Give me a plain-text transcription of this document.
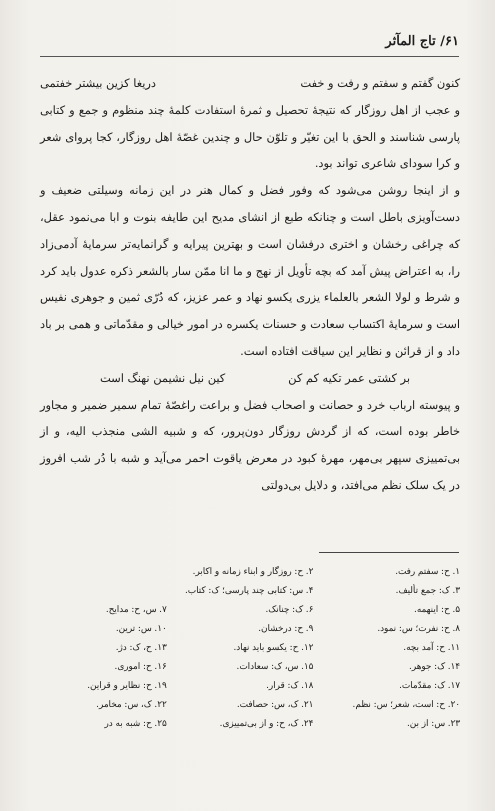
۶۱/ تاج المآثر

کنون گفتم و سفتم و رفت و خفت
دریغا کزین بیشتر خفتمی

و عجب از اهل روزگار که نتیجهٔ تحصیل و ثمرهٔ استفادت کلمهٔ چند منظوم و جمع و کتابی پارسی شناسند و الحق با این تغیّر و تلوّن حال و چندین غصّهٔ اهل روزگار، کجا پروای شعر و کرا سودای شاعری تواند بود.

و از اینجا روشن می‌شود که وفور فضل و کمال هنر در این زمانه وسیلتی ضعیف و دست‌آویزی باطل است و چنانکه طبع از انشای مدیح این طایفه بنوت و ابا می‌نمود عقل، که چراغی رخشان و اختری درفشان است و بهترین پیرایه و گرانمایه‌تر سرمایهٔ آدمی‌زاد را، به اعتراض پیش آمد که بچه تأویل از نهج و ما انا ممّن سار بالشعر ذکره عدول باید کرد و شرط و لولا الشعر بالعلماء یزری یکسو نهاد و عمر عزیز، که دُرّی ثمین و جوهری نفیس است و سرمایهٔ اکتساب سعادت و حسنات یکسره در امور خیالی و مقدّماتی و همی بر باد داد و از قرائن و نظایر این سیاقت افتاده است.

بر کشتی عمر تکیه کم کن
کین نیل نشیمن نهنگ است

و پیوسته ارباب خرد و حصانت و اصحاب فضل و براعت راغصّهٔ تمام سمیر ضمیر و مجاور خاطر بوده است، که از گردش روزگار دون‌پرور، که و شبیه الشی منجذب الیه، و از بی‌تمییزی سپهر بی‌مهر، مهرهٔ کبود در معرض یاقوت احمر می‌آید و شبه با دُر شب افروز در یک سلک نظم می‌افتد، و دلایل بی‌دولتی

۱. ح: سفتم رفت.
۲. ح: روزگار و ابناء زمانه و اکابر.
۳. ک: جمع تألیف.
۴. س: کتابی چند پارسی؛ ک: کتاب.
۵. ح: اینهمه.
۶. ک: چنانک.
۷. س، ح: مدایح.
۸. ح: نفرت؛ س: نمود.
۹. ح: درخشان.
۱۰. س: ترین.
۱۱. ح: آمد بچه.
۱۲. ح: یکسو باید نهاد.
۱۳. ح، ک: دژ.
۱۴. ک: جوهر.
۱۵. س، ک: سعادات.
۱۶. ح: اموری.
۱۷. ک: مقدّمات.
۱۸. ک: قرار.
۱۹. ح: نظایر و قراین.
۲۰. ح: است، شعر؛ س: نظم.
۲۱. ک، س: حصافت.
۲۲. ک، س: مخامر.
۲۳. س: از بن.
۲۴. ک، ح: و از بی‌تمییزی.
۲۵. ح: شبه به در
